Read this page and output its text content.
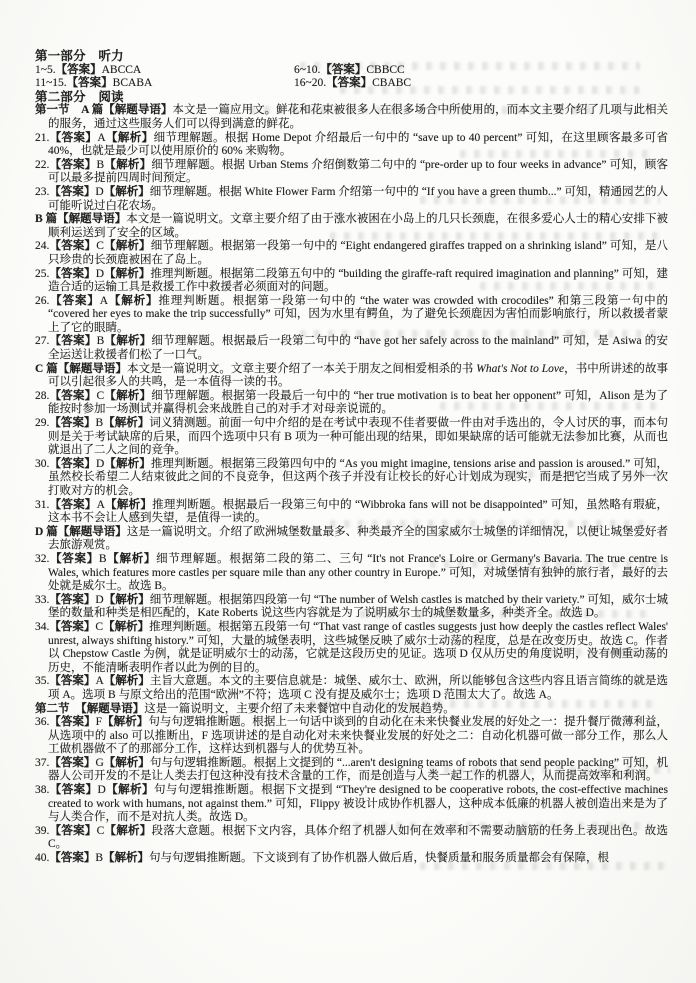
第一部分　听力
1~5.【答案】ABCCA	6~10.【答案】CBBCC
11~15.【答案】BCABA	16~20.【答案】CBABC
第二部分　阅读
第一节　A 篇【解题导语】本文是一篇应用文。鲜花和花束被很多人在很多场合中所使用的，而本文主要介绍了几项与此相关的服务，通过这些服务人们可以得到满意的鲜花。
21.【答案】A【解析】细节理解题。根据 Home Depot 介绍最后一句中的 “save up to 40 percent” 可知，在这里顾客最多可省 40%，也就是最少可以使用原价的 60% 来购物。
22.【答案】B【解析】细节理解题。根据 Urban Stems 介绍倒数第二句中的 “pre-order up to four weeks in advance” 可知，顾客可以最多提前四周时间预定。
23.【答案】D【解析】细节理解题。根据 White Flower Farm 介绍第一句中的 “If you have a green thumb...” 可知，精通园艺的人可能听说过白花农场。
B 篇【解题导语】本文是一篇说明文。文章主要介绍了由于涨水被困在小岛上的几只长颈鹿，在很多爱心人士的精心安排下被顺利运送到了安全的区域。
24.【答案】C【解析】细节理解题。根据第一段第一句中的 “Eight endangered giraffes trapped on a shrinking island” 可知，是八只珍贵的长颈鹿被困在了岛上。
25.【答案】D【解析】推理判断题。根据第二段第五句中的 “building the giraffe-raft required imagination and planning” 可知，建造合适的运输工具是救援工作中救援者必须面对的问题。
26.【答案】A【解析】推理判断题。根据第一段第一句中的 “the water was crowded with crocodiles” 和第三段第一句中的 “covered her eyes to make the trip successfully” 可知，因为水里有鳄鱼，为了避免长颈鹿因为害怕而影响旅行，所以救援者蒙上了它的眼睛。
27.【答案】B【解析】细节理解题。根据最后一段第二句中的 “have got her safely across to the mainland” 可知，是 Asiwa 的安全运送让救援者们松了一口气。
C 篇【解题导语】本文是一篇说明文。文章主要介绍了一本关于朋友之间相爱相杀的书 What's Not to Love，书中所讲述的故事可以引起很多人的共鸣，是一本值得一读的书。
28.【答案】C【解析】细节理解题。根据第一段最后一句中的 “her true motivation is to beat her opponent” 可知，Alison 是为了能按时参加一场测试并赢得机会来战胜自己的对手才对母亲说谎的。
29.【答案】B【解析】词义猜测题。前面一句中介绍的是在考试中表现不佳者要做一件由对手选出的，令人讨厌的事，而本句则是关于考试缺席的后果，而四个选项中只有 B 项为一种可能出现的结果，即如果缺席的话可能就无法参加比赛，从而也就退出了二人之间的竞争。
30.【答案】D【解析】推理判断题。根据第三段第四句中的 “As you might imagine, tensions arise and passion is aroused.” 可知，虽然校长希望二人结束彼此之间的不良竞争，但这两个孩子并没有让校长的好心计划成为现实，而是把它当成了另外一次打败对方的机会。
31.【答案】A【解析】推理判断题。根据最后一段第三句中的 “Wibbroka fans will not be disappointed” 可知，虽然略有瑕疵，这本书不会让人感到失望，是值得一读的。
D 篇【解题导语】这是一篇说明文。介绍了欧洲城堡数量最多、种类最齐全的国家威尔士城堡的详细情况，以便让城堡爱好者去旅游观赏。
32.【答案】B【解析】细节理解题。根据第二段的第二、三句 “It's not France's Loire or Germany's Bavaria. The true centre is Wales, which features more castles per square mile than any other country in Europe.” 可知，对城堡情有独钟的旅行者，最好的去处就是威尔士。故选 B。
33.【答案】D【解析】细节理解题。根据第四段第一句 “The number of Welsh castles is matched by their variety.” 可知，威尔士城堡的数量和种类是相匹配的，Kate Roberts 说这些内容就是为了说明威尔士的城堡数量多，种类齐全。故选 D。
34.【答案】C【解析】推理判断题。根据第五段第一句 “That vast range of castles suggests just how deeply the castles reflect Wales' unrest, always shifting history.” 可知，大量的城堡表明，这些城堡反映了威尔士动荡的程度，总是在改变历史。故选 C。作者以 Chepstow Castle 为例，就是证明威尔士的动荡，它就是这段历史的见证。选项 D 仅从历史的角度说明，没有侧重动荡的历史，不能清晰表明作者以此为例的目的。
35.【答案】A【解析】主旨大意题。本文的主要信息就是：城堡、威尔士、欧洲，所以能够包含这些内容且语言简练的就是选项 A。选项 B 与原文给出的范围“欧洲”不符；选项 C 没有提及威尔士；选项 D 范围太大了。故选 A。
第二节　 【解题导语】这是一篇说明文，主要介绍了未来餐馆中自动化的发展趋势。
36.【答案】F【解析】句与句逻辑推断题。根据上一句话中谈到的自动化在未来快餐业发展的好处之一：提升餐厅微薄利益，从选项中的 also 可以推断出，F 选项讲述的是自动化对未来快餐业发展的好处之二：自动化机器可做一部分工作，那么人工做机器做不了的那部分工作，这样达到机器与人的优势互补。
37.【答案】G【解析】句与句逻辑推断题。根据上文提到的 “...aren't designing teams of robots that send people packing” 可知，机器人公司开发的不是让人类去打包这种没有技术含量的工作，而是创造与人类一起工作的机器人，从而提高效率和利润。
38.【答案】D【解析】句与句逻辑推断题。根据下文提到 “They're designed to be cooperative robots, the cost-effective machines created to work with humans, not against them.” 可知，Flippy 被设计成协作机器人，这种成本低廉的机器人被创造出来是为了与人类合作，而不是对抗人类。故选 D。
39.【答案】C【解析】段落大意题。根据下文内容，具体介绍了机器人如何在效率和不需要动脑筋的任务上表现出色。故选 C。
40.【答案】B【解析】句与句逻辑推断题。下文谈到有了协作机器人做后盾，快餐质量和服务质量都会有保障，根
